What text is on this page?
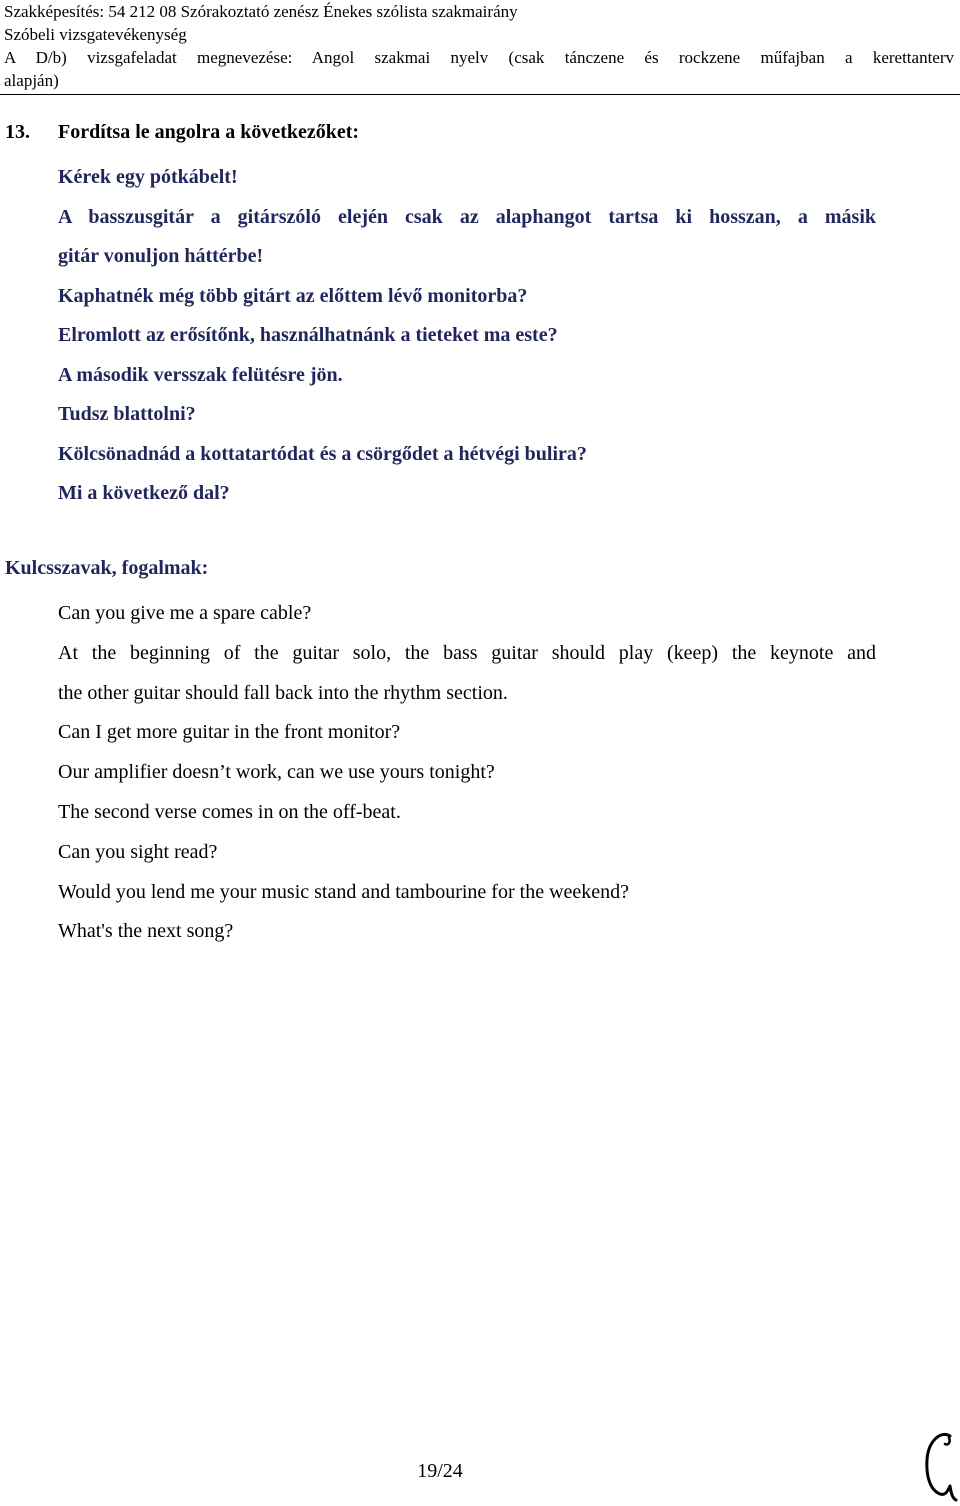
Szakképesítés: 54 212 08 Szórakoztató zenész Énekes szólista szakmairány
Szóbeli vizsgatevékenység
A D/b) vizsgafeladat megnevezése: Angol szakmai nyelv (csak tánczene és rockzene műfajban a kerettanterv
alapján)
13. Fordítsa le angolra a következőket:
Kérek egy pótkábelt!
A basszusgitár a gitárszóló elején csak az alaphangot tartsa ki hosszan, a másik
gitár vonuljon háttérbe!
Kaphatnék még több gitárt az előttem lévő monitorba?
Elromlott az erősítőnk, használhatnánk a tieteket ma este?
A második versszak felütésre jön.
Tudsz blattolni?
Kölcsönadnád a kottatartódat és a csörgődet a hétvégi bulira?
Mi a következő dal?
Kulcsszavak, fogalmak:
Can you give me a spare cable?
At the beginning of the guitar solo, the bass guitar should play (keep) the keynote and
the other guitar should fall back into the rhythm section.
Can I get more guitar in the front monitor?
Our amplifier doesn’t work, can we use yours tonight?
The second verse comes in on the off-beat.
Can you sight read?
Would you lend me your music stand and tambourine for the weekend?
What's the next song?
19/24
